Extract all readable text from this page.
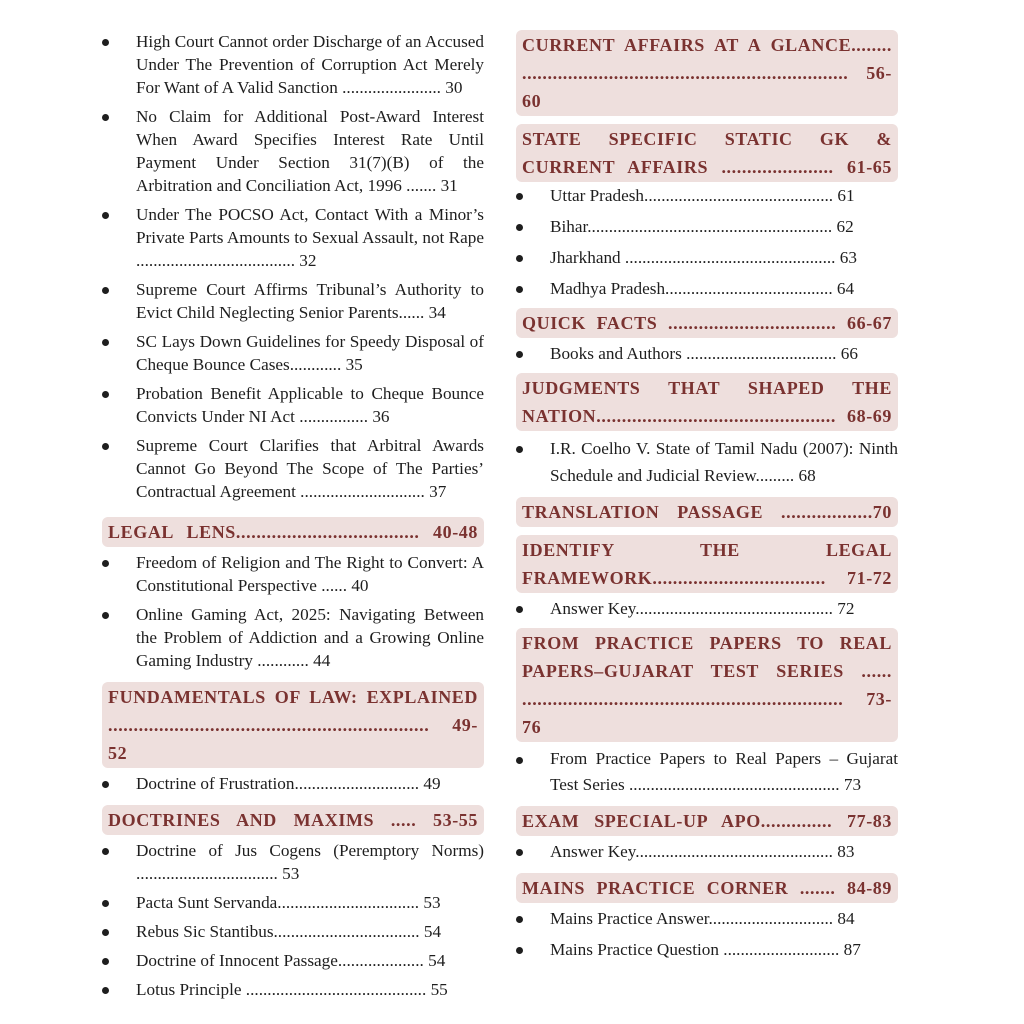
High Court Cannot order Discharge of an Accused Under The Prevention of Corruption Act Merely For Want of A Valid Sanction ....................... 30
No Claim for Additional Post-Award Interest When Award Specifies Interest Rate Until Payment Under Section 31(7)(B) of the Arbitration and Conciliation Act, 1996 ....... 31
Under The POCSO Act, Contact With a Minor’s Private Parts Amounts to Sexual Assault, not Rape ..................................... 32
Supreme Court Affirms Tribunal’s Authority to Evict Child Neglecting Senior Parents...... 34
SC Lays Down Guidelines for Speedy Disposal of Cheque Bounce Cases............ 35
Probation Benefit Applicable to Cheque Bounce Convicts Under NI Act ................ 36
Supreme Court Clarifies that Arbitral Awards Cannot Go Beyond The Scope of The Parties’ Contractual Agreement ............................. 37
LEGAL LENS.................................... 40-48
Freedom of Religion and The Right to Convert: A Constitutional Perspective ...... 40
Online Gaming Act, 2025: Navigating Between the Problem of Addiction and a Growing Online Gaming Industry ............ 44
FUNDAMENTALS OF LAW: EXPLAINED ............................................................... 49-52
Doctrine of Frustration............................. 49
DOCTRINES AND MAXIMS ..... 53-55
Doctrine of Jus Cogens (Peremptory Norms) ................................. 53
Pacta Sunt Servanda................................. 53
Rebus Sic Stantibus.................................. 54
Doctrine of Innocent Passage.................... 54
Lotus Principle .......................................... 55
CURRENT AFFAIRS AT A GLANCE........ ................................................................ 56-60
STATE SPECIFIC STATIC GK & CURRENT AFFAIRS ...................... 61-65
Uttar Pradesh............................................ 61
Bihar......................................................... 62
Jharkhand ................................................. 63
Madhya Pradesh....................................... 64
QUICK FACTS ................................. 66-67
Books and Authors ................................... 66
JUDGMENTS THAT SHAPED THE NATION............................................... 68-69
I.R. Coelho V. State of Tamil Nadu (2007): Ninth Schedule and Judicial Review......... 68
TRANSLATION PASSAGE ..................70
IDENTIFY THE LEGAL FRAMEWORK.................................. 71-72
Answer Key.............................................. 72
FROM PRACTICE PAPERS TO REAL PAPERS–GUJARAT TEST SERIES ...... ............................................................... 73-76
From Practice Papers to Real Papers – Gujarat Test Series ................................................. 73
EXAM SPECIAL-UP APO.............. 77-83
Answer Key.............................................. 83
MAINS PRACTICE CORNER ....... 84-89
Mains Practice Answer............................. 84
Mains Practice Question ........................... 87
